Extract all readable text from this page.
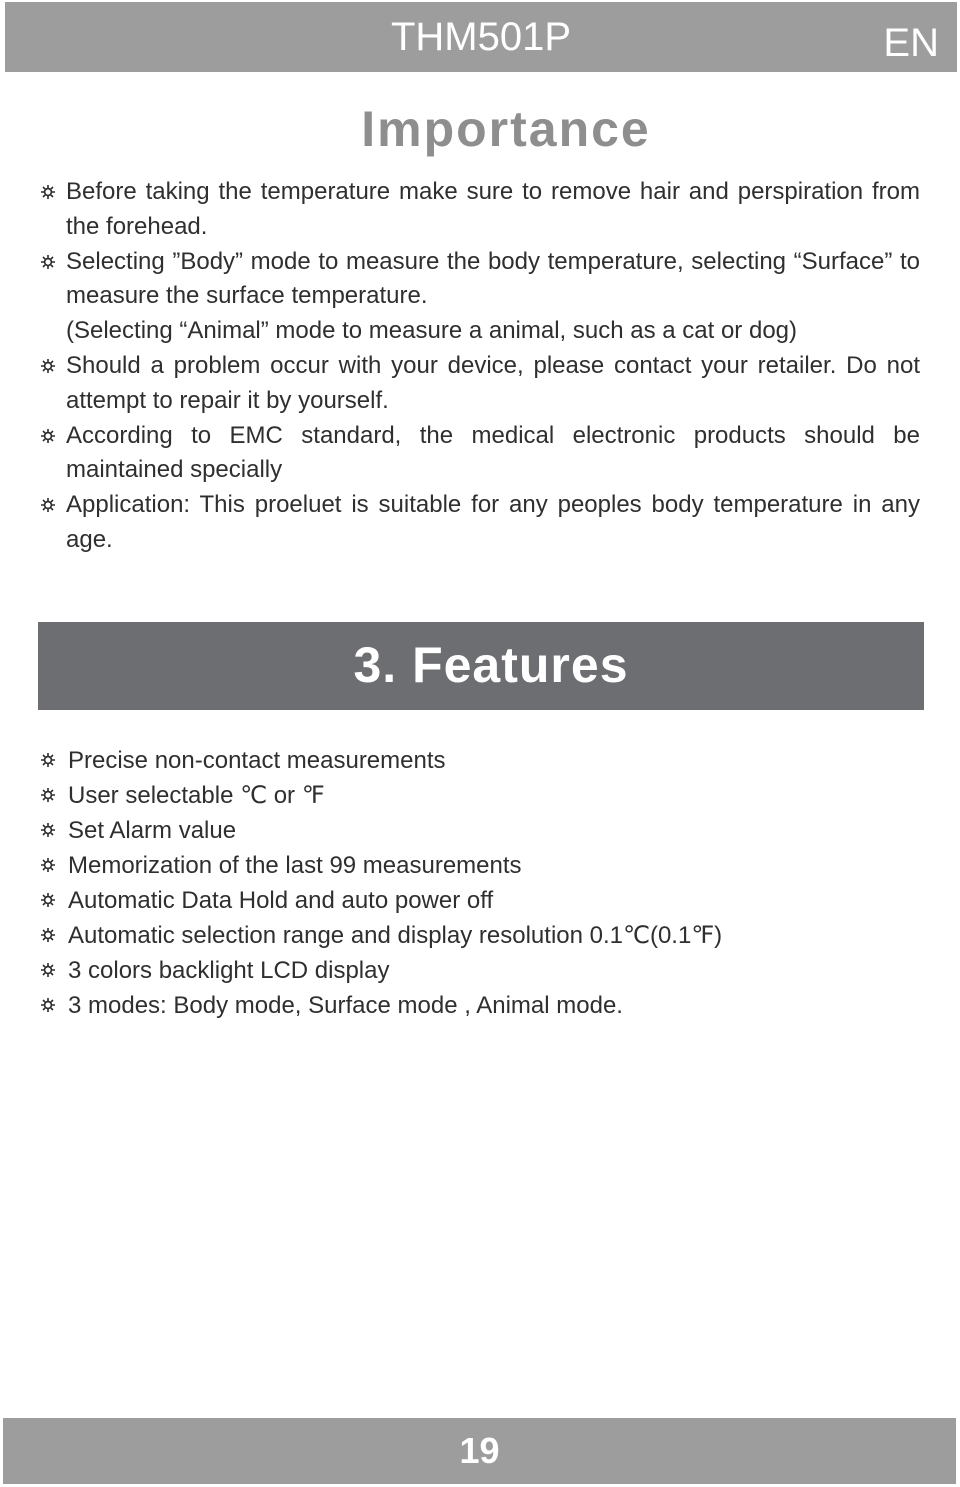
THM501P	EN
Importance
Before taking the temperature make sure to remove hair and perspiration from the forehead.
Selecting ”Body” mode to measure the body temperature, selecting “Surface” to measure the surface temperature.
(Selecting “Animal” mode to measure a animal, such as a cat or dog)
Should a problem occur with your device, please contact your retailer. Do not attempt to repair it by yourself.
According to EMC standard, the medical electronic products should be maintained specially
Application: This proeluet is suitable for any peoples body temperature in any age.
3. Features
Precise non-contact measurements
User selectable ℃ or ℉
Set Alarm value
Memorization of the last 99 measurements
Automatic Data Hold and auto power off
Automatic selection range and display resolution 0.1℃(0.1℉)
3 colors backlight LCD display
3 modes: Body mode, Surface mode , Animal mode.
19
